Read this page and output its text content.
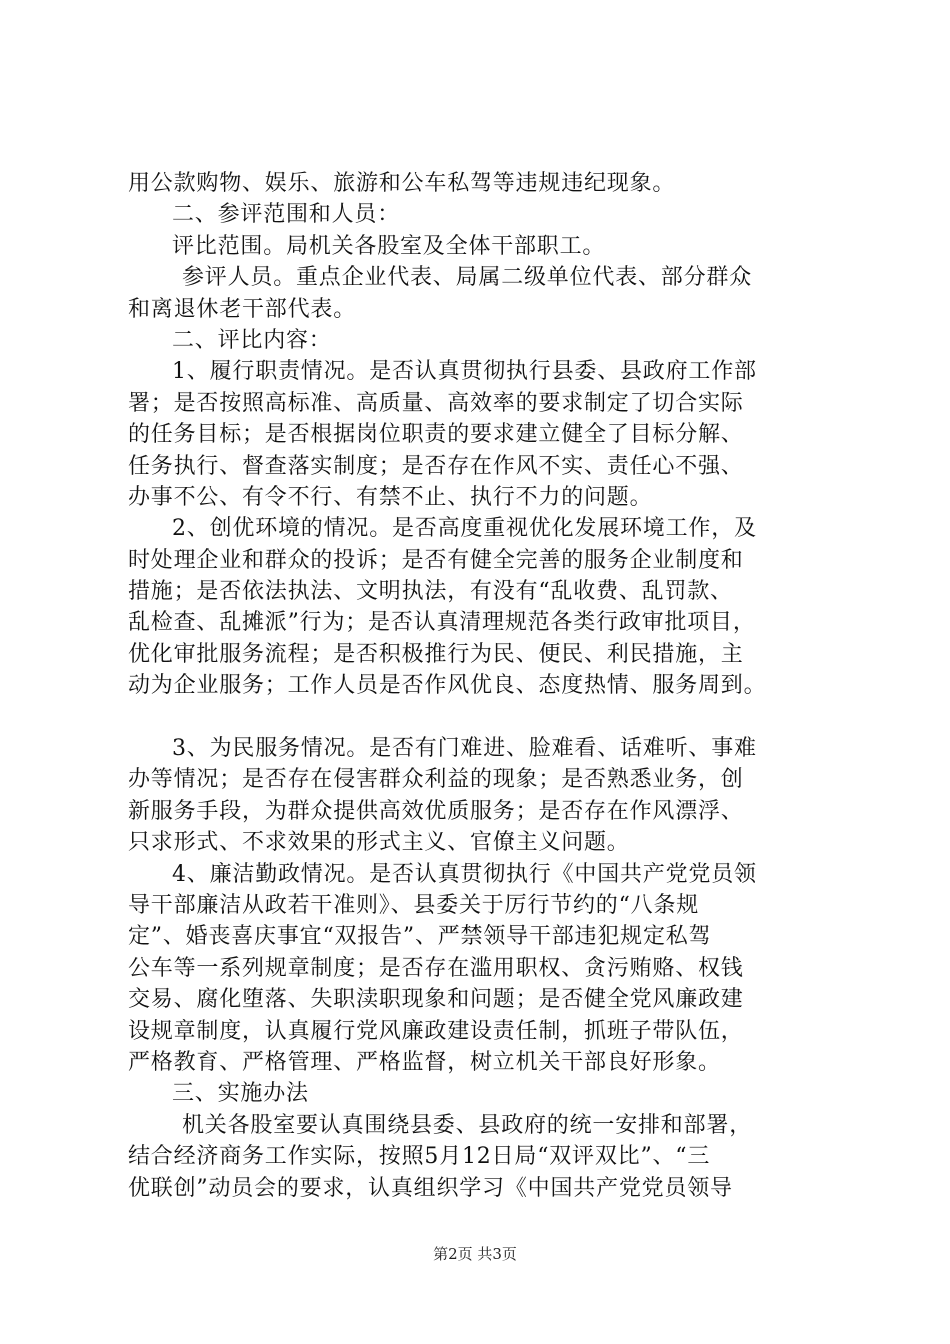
用公款购物、娱乐、旅游和公车私驾等违规违纪现象。
二、参评范围和人员：
评比范围。局机关各股室及全体干部职工。
参评人员。重点企业代表、局属二级单位代表、部分群众
和离退休老干部代表。
二、评比内容：
1、履行职责情况。是否认真贯彻执行县委、县政府工作部
署；是否按照高标准、高质量、高效率的要求制定了切合实际
的任务目标；是否根据岗位职责的要求建立健全了目标分解、
任务执行、督查落实制度；是否存在作风不实、责任心不强、
办事不公、有令不行、有禁不止、执行不力的问题。
2、创优环境的情况。是否高度重视优化发展环境工作，及
时处理企业和群众的投诉；是否有健全完善的服务企业制度和
措施；是否依法执法、文明执法，有没有“乱收费、乱罚款、
乱检查、乱摊派”行为；是否认真清理规范各类行政审批项目，
优化审批服务流程；是否积极推行为民、便民、利民措施，主
动为企业服务；工作人员是否作风优良、态度热情、服务周到。
3、为民服务情况。是否有门难进、脸难看、话难听、事难
办等情况；是否存在侵害群众利益的现象；是否熟悉业务，创
新服务手段，为群众提供高效优质服务；是否存在作风漂浮、
只求形式、不求效果的形式主义、官僚主义问题。
4、廉洁勤政情况。是否认真贯彻执行《中国共产党党员领
导干部廉洁从政若干准则》、县委关于厉行节约的“八条规
定”、婚丧喜庆事宜“双报告”、严禁领导干部违犯规定私驾
公车等一系列规章制度；是否存在滥用职权、贪污贿赂、权钱
交易、腐化堕落、失职渎职现象和问题；是否健全党风廉政建
设规章制度，认真履行党风廉政建设责任制，抓班子带队伍，
严格教育、严格管理、严格监督，树立机关干部良好形象。
三、实施办法
机关各股室要认真围绕县委、县政府的统一安排和部署，
结合经济商务工作实际，按照5月12日局“双评双比”、“三
优联创”动员会的要求，认真组织学习《中国共产党党员领导
第2页 共3页
